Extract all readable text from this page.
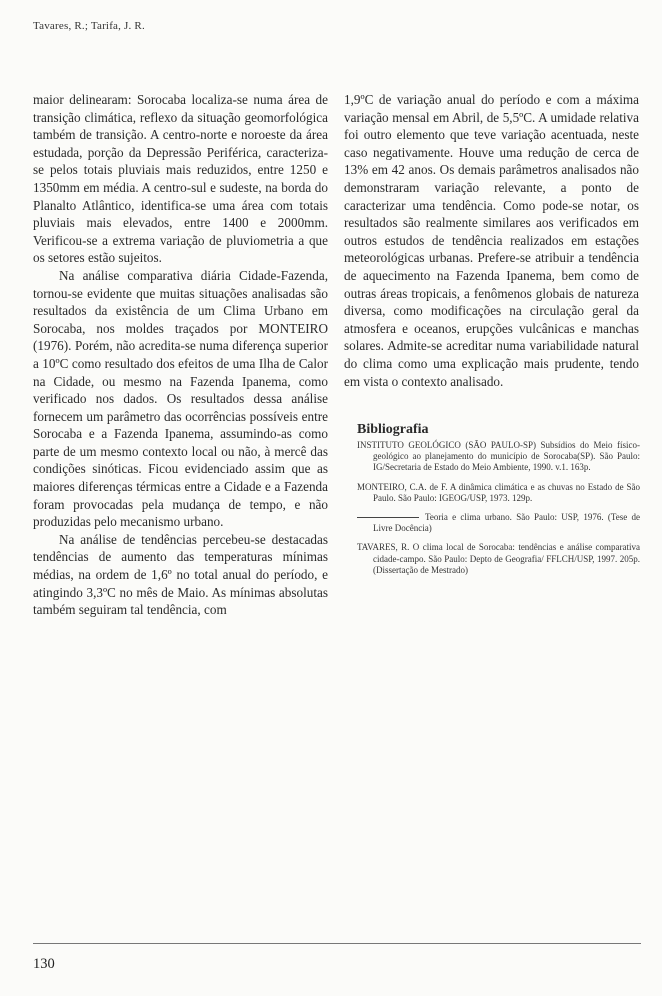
Tavares, R.; Tarifa, J. R.

maior delinearam: Sorocaba localiza-se numa área de transição climática, reflexo da situação geomorfológica também de transição. A centro-norte e noroeste da área estudada, porção da Depressão Periférica, caracteriza-se pelos totais pluviais mais reduzidos, entre 1250 e 1350mm em média. A centro-sul e sudeste, na borda do Planalto Atlântico, identifica-se uma área com totais pluviais mais elevados, entre 1400 e 2000mm. Verificou-se a extrema variação de pluviometria a que os setores estão sujeitos.

Na análise comparativa diária Cidade-Fazenda, tornou-se evidente que muitas situações analisadas são resultados da existência de um Clima Urbano em Sorocaba, nos moldes traçados por MONTEIRO (1976). Porém, não acredita-se numa diferença superior a 10ºC como resultado dos efeitos de uma Ilha de Calor na Cidade, ou mesmo na Fazenda Ipanema, como verificado nos dados. Os resultados dessa análise fornecem um parâmetro das ocorrências possíveis entre Sorocaba e a Fazenda Ipanema, assumindo-as como parte de um mesmo contexto local ou não, à mercê das condições sinóticas. Ficou evidenciado assim que as maiores diferenças térmicas entre a Cidade e a Fazenda foram provocadas pela mudança de tempo, e não produzidas pelo mecanismo urbano.

Na análise de tendências percebeu-se destacadas tendências de aumento das temperaturas mínimas médias, na ordem de 1,6º no total anual do período, e atingindo 3,3ºC no mês de Maio. As mínimas absolutas também seguiram tal tendência, com

1,9ºC de variação anual do período e com a máxima variação mensal em Abril, de 5,5ºC. A umidade relativa foi outro elemento que teve variação acentuada, neste caso negativamente. Houve uma redução de cerca de 13% em 42 anos. Os demais parâmetros analisados não demonstraram variação relevante, a ponto de caracterizar uma tendência. Como pode-se notar, os resultados são realmente similares aos verificados em outros estudos de tendência realizados em estações meteorológicas urbanas. Prefere-se atribuir a tendência de aquecimento na Fazenda Ipanema, bem como de outras áreas tropicais, a fenômenos globais de natureza diversa, como modificações na circulação geral da atmosfera e oceanos, erupções vulcânicas e manchas solares. Admite-se acreditar numa variabilidade natural do clima como uma explicação mais prudente, tendo em vista o contexto analisado.

Bibliografia
INSTITUTO GEOLÓGICO (SÃO PAULO-SP) Subsídios do Meio físico-geológico ao planejamento do município de Sorocaba(SP). São Paulo: IG/Secretaria de Estado do Meio Ambiente, 1990. v.1. 163p.
MONTEIRO, C.A. de F. A dinâmica climática e as chuvas no Estado de São Paulo. São Paulo: IGEOG/USP, 1973. 129p.
Teoria e clima urbano. São Paulo: USP, 1976. (Tese de Livre Docência)
TAVARES, R. O clima local de Sorocaba: tendências e análise comparativa cidade-campo. São Paulo: Depto de Geografia/ FFLCH/USP, 1997. 205p. (Dissertação de Mestrado)
130
